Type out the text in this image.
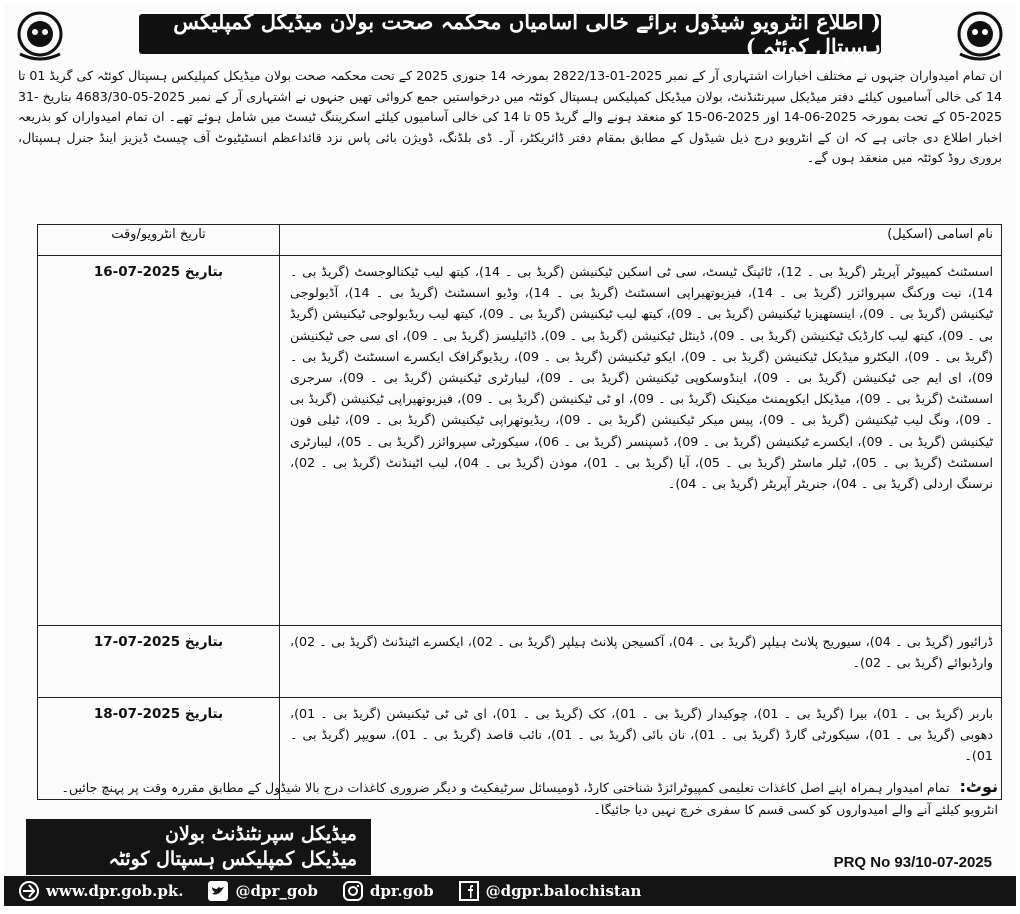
( اطلاع انٹرویو شیڈول برائے خالی آسامیاں محکمہ صحت بولان میڈیکل کمپلیکس ہسپتال کوئٹہ )
ان تمام امیدواران جنہوں نے مختلف اخبارات اشتہاری آر کے نمبر 2822/13-01-2025 بمورخہ 14 جنوری 2025 کے تحت محکمہ صحت بولان میڈیکل کمپلیکس ہسپتال کوئٹہ کی گریڈ 01 تا 14 کی خالی آسامیوں کیلئے دفتر میڈیکل سپرنٹنڈنٹ، بولان میڈیکل کمپلیکس ہسپتال کوئٹہ میں درخواستیں جمع کروائی تھیں جنہوں نے اشتہاری آر کے نمبر 4683/30-05-2025 بتاریخ 31-05-2025 کے تحت بمورخہ 14-06-2025 اور 15-06-2025 کو منعقد ہونے والے گریڈ 05 تا 14 کی خالی آسامیوں کیلئے اسکریننگ ٹیسٹ میں شامل ہوئے تھے۔ ان تمام امیدواران کو بذریعہ اخبار اطلاع دی جاتی ہے کہ ان کے انٹرویو درج ذیل شیڈول کے مطابق بمقام دفتر ڈائریکٹر، آر۔ ڈی بلڈنگ، ڈویژن بائی پاس نزد قائداعظم انسٹیٹیوٹ آف چیسٹ ڈیزیز اینڈ جنرل ہسپتال، بروری روڈ کوئٹہ میں منعقد ہوں گے۔
تاریخ انٹرویو/وقت	نام اسامی (اسکیل)
بتاریخ 16-07-2025	اسسٹنٹ کمپیوٹر آپریٹر (گریڈ بی ۔ 12)، ٹائپنگ ٹیسٹ، سی ٹی اسکین ٹیکنیشن (گریڈ بی ۔ 14)، کیتھ لیب ٹیکنالوجسٹ (گریڈ بی ۔ 14)، نیت ورکنگ سپروائزر (گریڈ بی ۔ 14)، فیزیوتھیراپی اسسٹنٹ (گریڈ بی ۔ 14)، وڈیو اسسٹنٹ (گریڈ بی ۔ 14)، آڈیولوجی ٹیکنیشن (گریڈ بی ۔ 09)، اینستھیزیا ٹیکنیشن (گریڈ بی ۔ 09)، کیتھ لیب ٹیکنیشن (گریڈ بی ۔ 09)، کیتھ لیب ریڈیولوجی ٹیکنیشن (گریڈ بی ۔ 09)، کیتھ لیب کارڈیک ٹیکنیشن (گریڈ بی ۔ 09)، ڈینٹل ٹیکنیشن (گریڈ بی ۔ 09)، ڈائیلیسز (گریڈ بی ۔ 09)، ای سی جی ٹیکنیشن (گریڈ بی ۔ 09)، الیکٹرو میڈیکل ٹیکنیشن (گریڈ بی ۔ 09)، ایکو ٹیکنیشن (گریڈ بی ۔ 09)، ریڈیوگرافک ایکسرے اسسٹنٹ (گریڈ بی ۔ 09)، ای ایم جی ٹیکنیشن (گریڈ بی ۔ 09)، اینڈوسکوپی ٹیکنیشن (گریڈ بی ۔ 09)، لیبارٹری ٹیکنیشن (گریڈ بی ۔ 09)، سرجری اسسٹنٹ (گریڈ بی ۔ 09)، میڈیکل ایکوپمنٹ میکینک (گریڈ بی ۔ 09)، او ٹی ٹیکنیشن (گریڈ بی ۔ 09)، فیزیوتھیراپی ٹیکنیشن (گریڈ بی ۔ 09)، ونگ لیب ٹیکنیشن (گریڈ بی ۔ 09)، پیس میکر ٹیکنیشن (گریڈ بی ۔ 09)، ریڈیوتھراپی ٹیکنیشن (گریڈ بی ۔ 09)، ٹیلی فون ٹیکنیشن (گریڈ بی ۔ 09)، ایکسرے ٹیکنیشن (گریڈ بی ۔ 09)، ڈسپنسر (گریڈ بی ۔ 06)، سیکورٹی سپروائزر (گریڈ بی ۔ 05)، لیبارٹری اسسٹنٹ (گریڈ بی ۔ 05)، ٹیلر ماسٹر (گریڈ بی ۔ 05)، آیا (گریڈ بی ۔ 01)، موذن (گریڈ بی ۔ 04)، لیب اٹینڈنٹ (گریڈ بی ۔ 02)، نرسنگ اردلی (گریڈ بی ۔ 04)، جنریٹر آپریٹر (گریڈ بی ۔ 04)۔
بتاریخ 17-07-2025	ڈرائیور (گریڈ بی ۔ 04)، سیوریج پلانٹ ہیلپر (گریڈ بی ۔ 04)، آکسیجن پلانٹ ہیلپر (گریڈ بی ۔ 02)، ایکسرے اٹینڈنٹ (گریڈ بی ۔ 02)، وارڈبوائے (گریڈ بی ۔ 02)۔
بتاریخ 18-07-2025	باربر (گریڈ بی ۔ 01)، بیرا (گریڈ بی ۔ 01)، چوکیدار (گریڈ بی ۔ 01)، کک (گریڈ بی ۔ 01)، ای ٹی ٹی ٹیکنیشن (گریڈ بی ۔ 01)، دھوبی (گریڈ بی ۔ 01)، سیکورٹی گارڈ (گریڈ بی ۔ 01)، نان بائی (گریڈ بی ۔ 01)، نائب قاصد (گریڈ بی ۔ 01)، سویپر (گریڈ بی ۔ 01)۔
نوٹ: تمام امیدوار ہمراہ اپنے اصل کاغذات تعلیمی کمپیوٹرائزڈ شناختی کارڈ، ڈومیسائل سرٹیفکیٹ و دیگر ضروری کاغذات درج بالا شیڈول کے مطابق مقررہ وقت پر پہنچ جائیں۔ انٹرویو کیلئے آنے والے امیدواروں کو کسی قسم کا سفری خرچ نہیں دیا جائیگا۔
میڈیکل سپرنٹنڈنٹ بولان
میڈیکل کمپلیکس ہسپتال کوئٹہ	PRQ No 93/10-07-2025
www.dpr.gob.pk.	@dpr_gob	dpr.gob	@dgpr.balochistan
